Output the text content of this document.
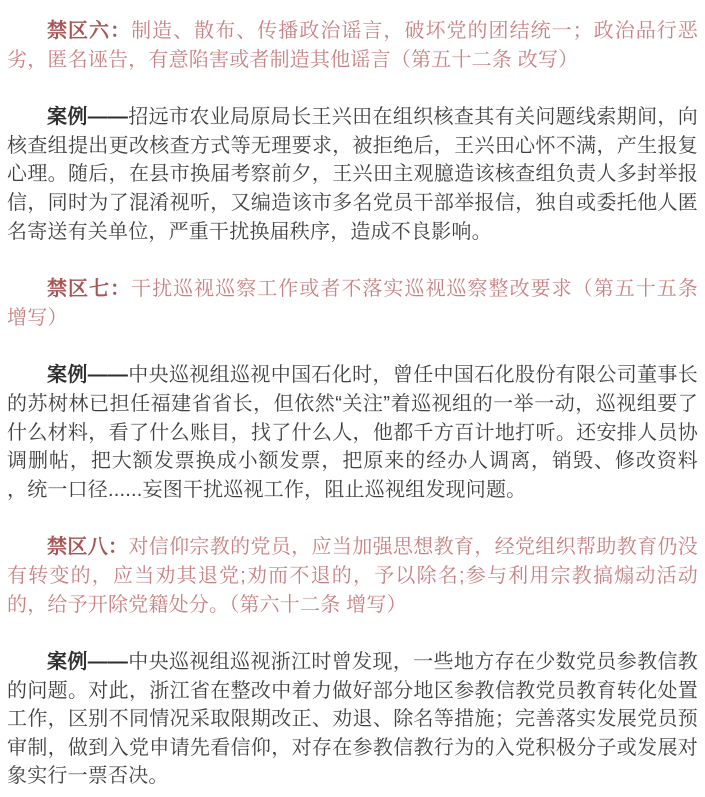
禁区六：制造、散布、传播政治谣言，破坏党的团结统一；政治品行恶劣，匿名诬告，有意陷害或者制造其他谣言（第五十二条 改写）

案例——招远市农业局原局长王兴田在组织核查其有关问题线索期间，向核查组提出更改核查方式等无理要求，被拒绝后，王兴田心怀不满，产生报复心理。随后，在县市换届考察前夕，王兴田主观臆造该核查组负责人多封举报信，同时为了混淆视听，又编造该市多名党员干部举报信，独自或委托他人匿名寄送有关单位，严重干扰换届秩序，造成不良影响。

禁区七：干扰巡视巡察工作或者不落实巡视巡察整改要求（第五十五条 增写）

案例——中央巡视组巡视中国石化时，曾任中国石化股份有限公司董事长的苏树林已担任福建省省长，但依然“关注”着巡视组的一举一动，巡视组要了什么材料，看了什么账目，找了什么人，他都千方百计地打听。还安排人员协调删帖，把大额发票换成小额发票，把原来的经办人调离，销毁、修改资料 ，统一口径......妄图干扰巡视工作，阻止巡视组发现问题。

禁区八：对信仰宗教的党员，应当加强思想教育，经党组织帮助教育仍没有转变的，应当劝其退党;劝而不退的，予以除名;参与利用宗教搞煽动活动的，给予开除党籍处分。（第六十二条 增写）

案例——中央巡视组巡视浙江时曾发现，一些地方存在少数党员参教信教的问题。对此，浙江省在整改中着力做好部分地区参教信教党员教育转化处置工作，区别不同情况采取限期改正、劝退、除名等措施；完善落实发展党员预审制，做到入党申请先看信仰，对存在参教信教行为的入党积极分子或发展对象实行一票否决。
